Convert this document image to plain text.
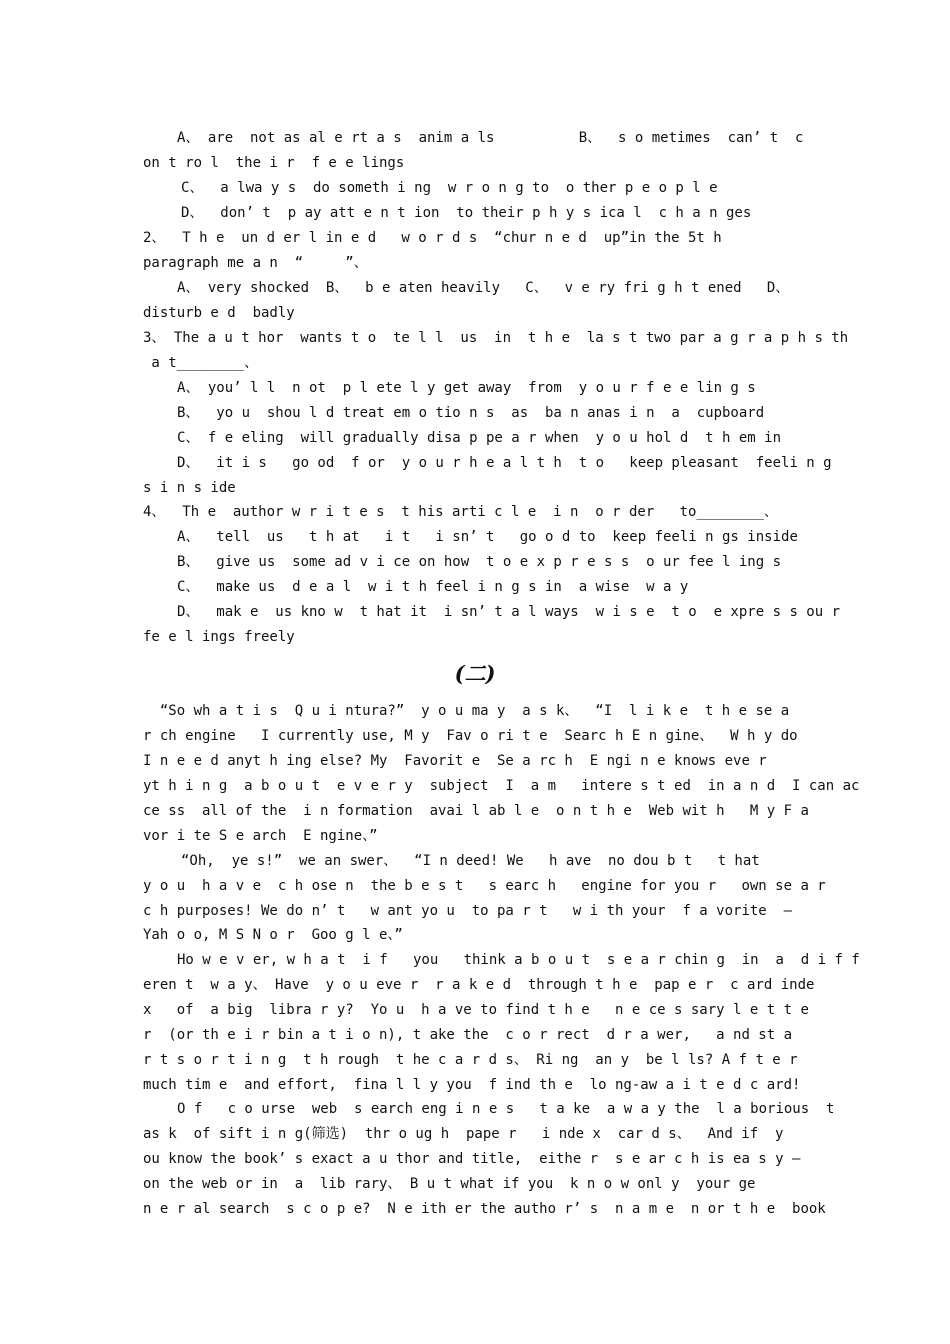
A、 are  not as al e rt a s  anim a ls          B、  s o metimes  can’ t  c
on t ro l  the i r  f e e lings
C、  a lwa y s  do someth i ng  w r o n g to  o ther p e o p l e
D、  don’ t  p ay att e n t ion  to their p h y s ica l  c h a n ges
2、  T h e  un d er l in e d   w o r d s  “chur n e d  up”in the 5t h
paragraph me a n  “     ”、
A、 very shocked  B、  b e aten heavily   C、  v e ry fri g h t ened   D、
disturb e d  badly
3、 The a u t hor  wants t o  te l l  us  in  t h e  la s t two par a g r a p h s th
a t________、
A、 you’ l l  n ot  p l ete l y get away  from  y o u r f e e lin g s
B、  yo u  shou l d treat em o tio n s  as  ba n anas i n  a  cupboard
C、 f e eling  will gradually disa p pe a r when  y o u hol d  t h em in
D、  it i s   go od  f or  y o u r h e a l t h  t o   keep pleasant  feeli n g
s i n s ide
4、  Th e  author w r i t e s  t his arti c l e  i n  o r der   to________、
A、  tell  us   t h at   i t   i sn’ t   go o d to  keep feeli n gs inside
B、  give us  some ad v i ce on how  t o e x p r e s s  o ur fee l ing s
C、  make us  d e a l  w i t h feel i n g s in  a wise  w a y
D、  mak e  us kno w  t hat it  i sn’ t a l ways  w i s e  t o  e xpre s s ou r
fe e l ings freely
(二)
“So wh a t i s  Q u i ntura?”  y o u ma y  a s k、  “I  l i k e  t h e se a
r ch engine   I currently use, M y  Fav o ri t e  Searc h E n gine、  W h y do
I n e e d anyt h ing else? My  Favorit e  Se a rc h  E ngi n e knows eve r
yt h i n g  a b o u t  e v e r y  subject  I  a m   intere s t ed  in a n d  I can ac
ce ss  all of the  i n formation  avai l ab l e  o n t h e  Web wit h   M y F a
vor i te S e arch  E ngine、”
“Oh,  ye s!”  we an swer、  “I n deed! We   h ave  no dou b t   t hat
y o u  h a v e  c h ose n  the b e s t   s earc h   engine for you r   own se a r
c h purposes! We do n’ t   w ant yo u  to pa r t   w i th your  f a vorite  —
Yah o o, M S N o r  Goo g l e、”
Ho w e v er, w h a t  i f   you   think a b o u t  s e a r chin g  in  a  d i f f
eren t  w a y、 Have  y o u eve r  r a k e d  through t h e  pap e r  c ard inde
x   of  a big  libra r y?  Yo u  h a ve to find t h e   n e ce s sary l e t t e
r  (or th e i r bin a t i o n), t ake the  c o r rect  d r a wer,   a nd st a
r t s o r t i n g  t h rough  t he c a r d s、 Ri ng  an y  be l ls? A f t e r
much tim e  and effort,  fina l l y you  f ind th e  lo ng-aw a i t e d c ard!
O f   c o urse  web  s earch eng i n e s   t a ke  a w a y the  l a borious  t
as k  of sift i n g(筛选)  thr o ug h  pape r   i nde x  car d s、  And if  y
ou know the book’ s exact a u thor and title,  eithe r  s e ar c h is ea s y —
on the web or in  a  lib rary、 B u t what if you  k n o w onl y  your ge
n e r al search  s c o p e?  N e ith er the autho r’ s  n a m e  n or t h e  book
